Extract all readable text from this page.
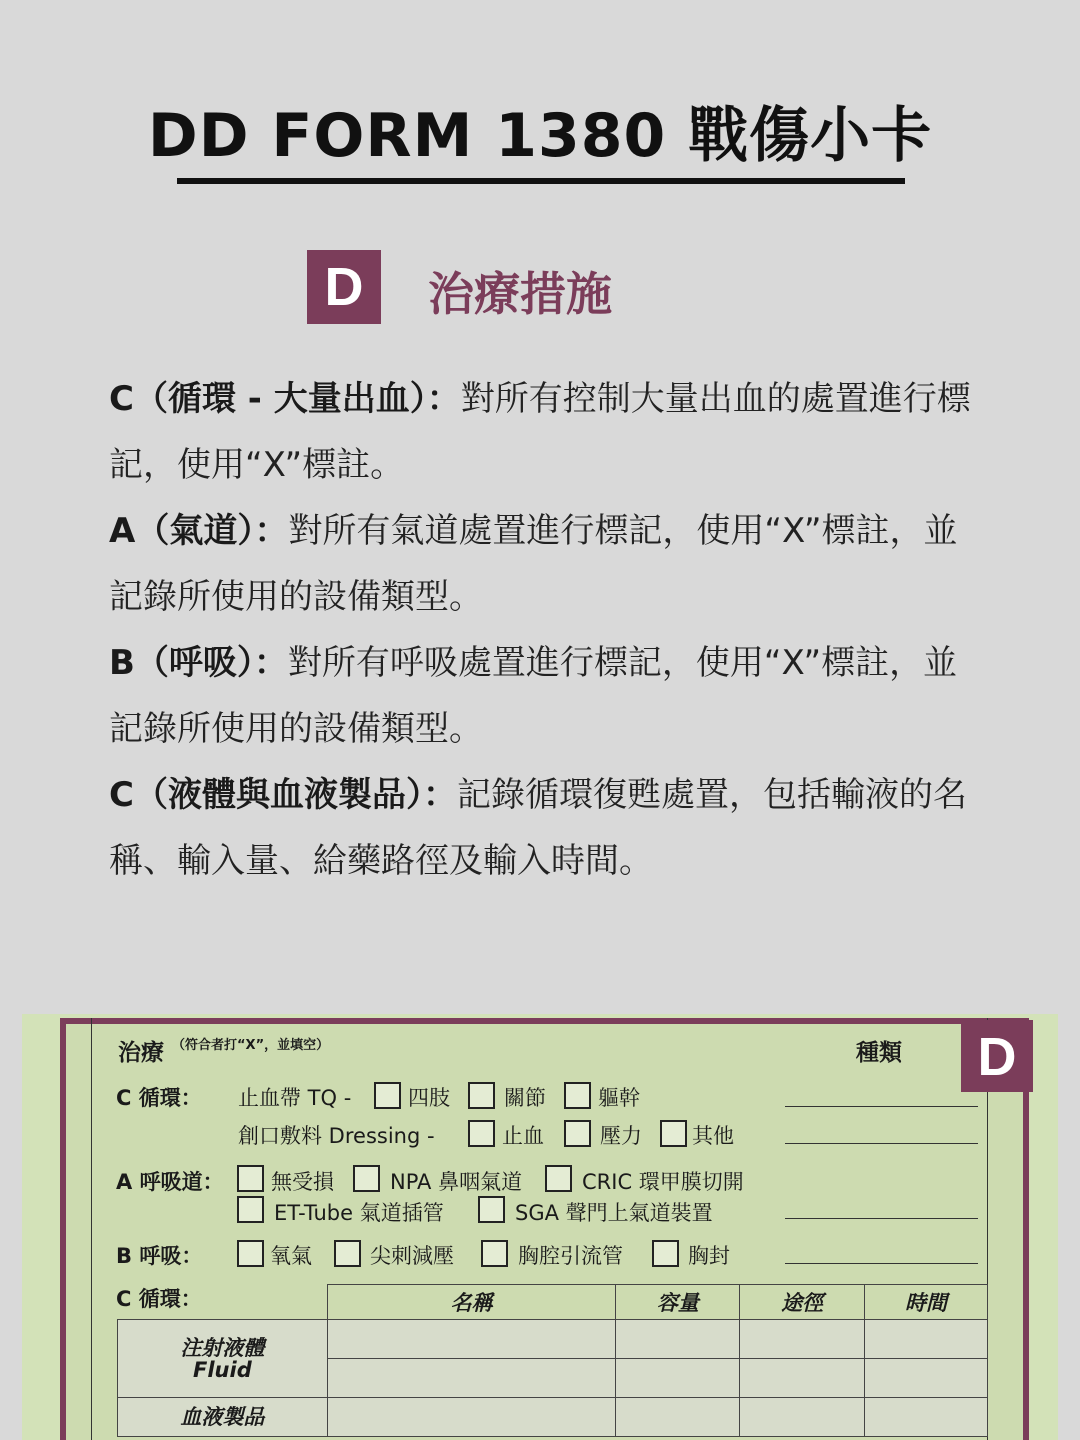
DD FORM 1380 戰傷小卡
D	治療措施

C（循環 - 大量出血）：對所有控制大量出血的處置進行標記，使用“X”標註。

A（氣道）：對所有氣道處置進行標記，使用“X”標註，並記錄所使用的設備類型。

B（呼吸）：對所有呼吸處置進行標記，使用“X”標註，並記錄所使用的設備類型。

C（液體與血液製品）：記錄循環復甦處置，包括輸液的名稱、輸入量、給藥路徑及輸入時間。

D
治療 （符合者打“X”，並填空）	種類
C 循環： 止血帶 TQ -	四肢	關節 軀幹
創口敷料 Dressing -	止血	壓力 其他
A 呼吸道： 無受損	NPA 鼻咽氣道	CRIC 環甲膜切開
ET-Tube 氣道插管	SGA 聲門上氣道裝置
B 呼吸：	氧氣	尖刺減壓	胸腔引流管	胸封
C 循環：
		名稱	容量	途徑	時間

注射液體
Fluid				

血液製品				
